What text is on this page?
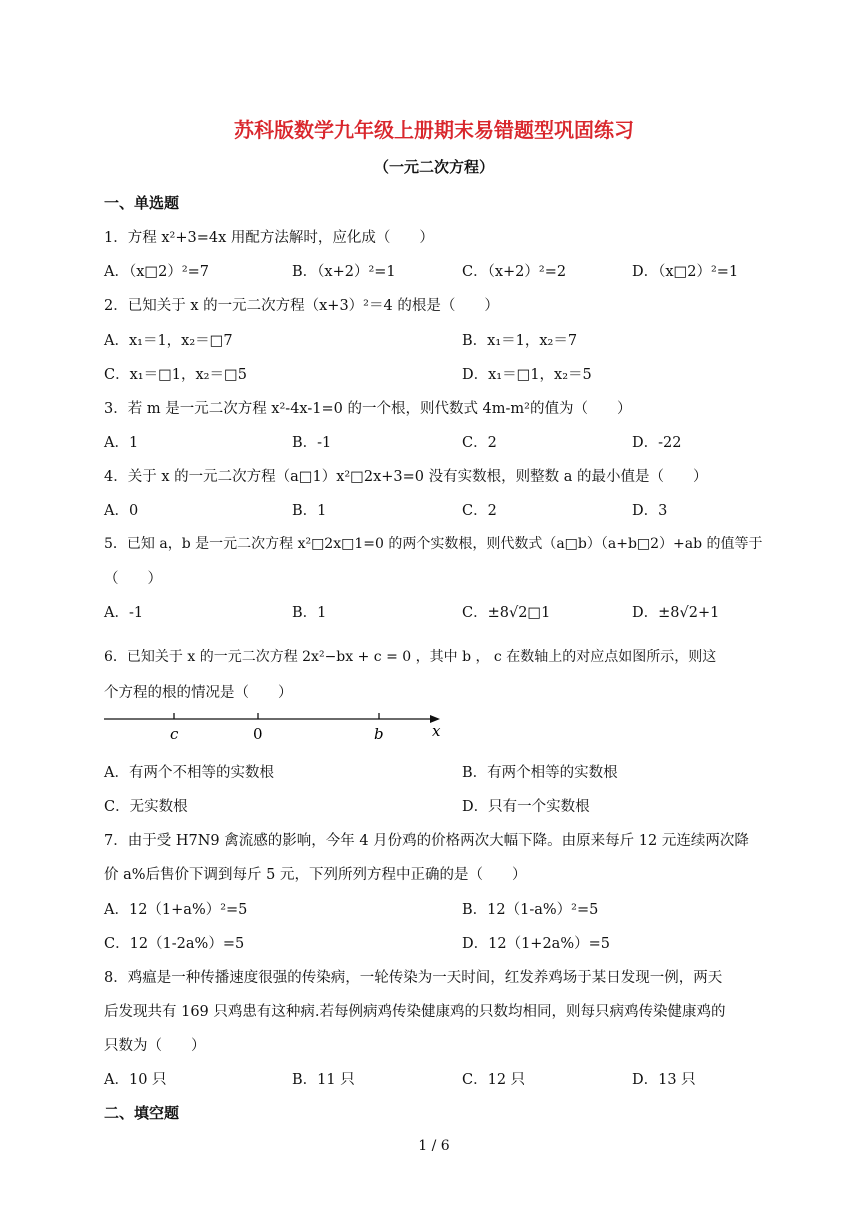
苏科版数学九年级上册期末易错题型巩固练习
（一元二次方程）
一、单选题
1．方程 x²+3=4x 用配方法解时，应化成（　　）
A．（x□2）²=7	B．（x+2）²=1	C．（x+2）²=2	D．（x□2）²=1
2．已知关于 x 的一元二次方程（x+3）²＝4 的根是（　　）
A．x₁＝1，x₂＝□7	B．x₁＝1，x₂＝7
C．x₁＝□1，x₂＝□5	D．x₁＝□1，x₂＝5
3．若 m 是一元二次方程 x²-4x-1=0 的一个根，则代数式 4m-m²的值为（　　）
A．1	B．-1	C．2	D．-22
4．关于 x 的一元二次方程（a□1）x²□2x+3=0 没有实数根，则整数 a 的最小值是（　　）
A．0	B．1	C．2	D．3
5．已知 a，b 是一元二次方程 x²□2x□1=0 的两个实数根，则代数式（a□b）（a+b□2）+ab 的值等于
（　　）
A．-1	B．1	C．±8√2□1	D．±8√2+1
6．已知关于 x 的一元二次方程 2x²−bx + c = 0 ，其中 b ， c 在数轴上的对应点如图所示，则这
个方程的根的情况是（　　）
c	0	b	x
A．有两个不相等的实数根	B．有两个相等的实数根
C．无实数根	D．只有一个实数根
7．由于受 H7N9 禽流感的影响，今年 4 月份鸡的价格两次大幅下降。由原来每斤 12 元连续两次降
价 a%后售价下调到每斤 5 元，下列所列方程中正确的是（　　）
A．12（1+a%）²=5	B．12（1-a%）²=5
C．12（1-2a%）=5	D．12（1+2a%）=5
8．鸡瘟是一种传播速度很强的传染病，一轮传染为一天时间，红发养鸡场于某日发现一例，两天
后发现共有 169 只鸡患有这种病.若每例病鸡传染健康鸡的只数均相同，则每只病鸡传染健康鸡的
只数为（　　）
A．10 只	B．11 只	C．12 只	D．13 只
二、填空题
1 / 6
